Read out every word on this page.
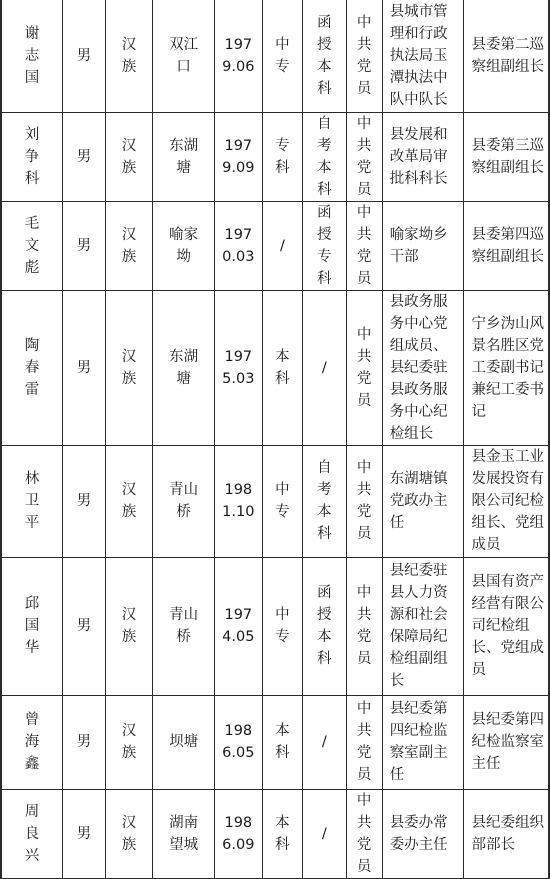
谢志国	男	汉族	双江口	1979.06	中专	函授本科	中共党员	县城市管理和行政执法局玉潭执法中队中队长	县委第二巡察组副组长
刘争科	男	汉族	东湖塘	1979.09	专科	自考本科	中共党员	县发展和改革局审批科科长	县委第三巡察组副组长
毛文彪	男	汉族	喻家坳	1970.03	/	函授专科	中共党员	喻家坳乡干部	县委第四巡察组副组长
陶春雷	男	汉族	东湖塘	1975.03	本科	/	中共党员	县政务服务中心党组成员、县纪委驻县政务服务中心纪检组长	宁乡沩山风景名胜区党工委副书记兼纪工委书记
林卫平	男	汉族	青山桥	1981.10	中专	自考本科	中共党员	东湖塘镇党政办主任	县金玉工业发展投资有限公司纪检组长、党组成员
邱国华	男	汉族	青山桥	1974.05	中专	函授本科	中共党员	县纪委驻县人力资源和社会保障局纪检组副组长	县国有资产经营有限公司纪检组长、党组成员
曾海鑫	男	汉族	坝塘	1986.05	本科	/	中共党员	县纪委第四纪检监察室副主任	县纪委第四纪检监察室主任
周良兴	男	汉族	湖南望城	1986.09	本科	/	中共党员	县委办常委办主任	县纪委组织部部长
